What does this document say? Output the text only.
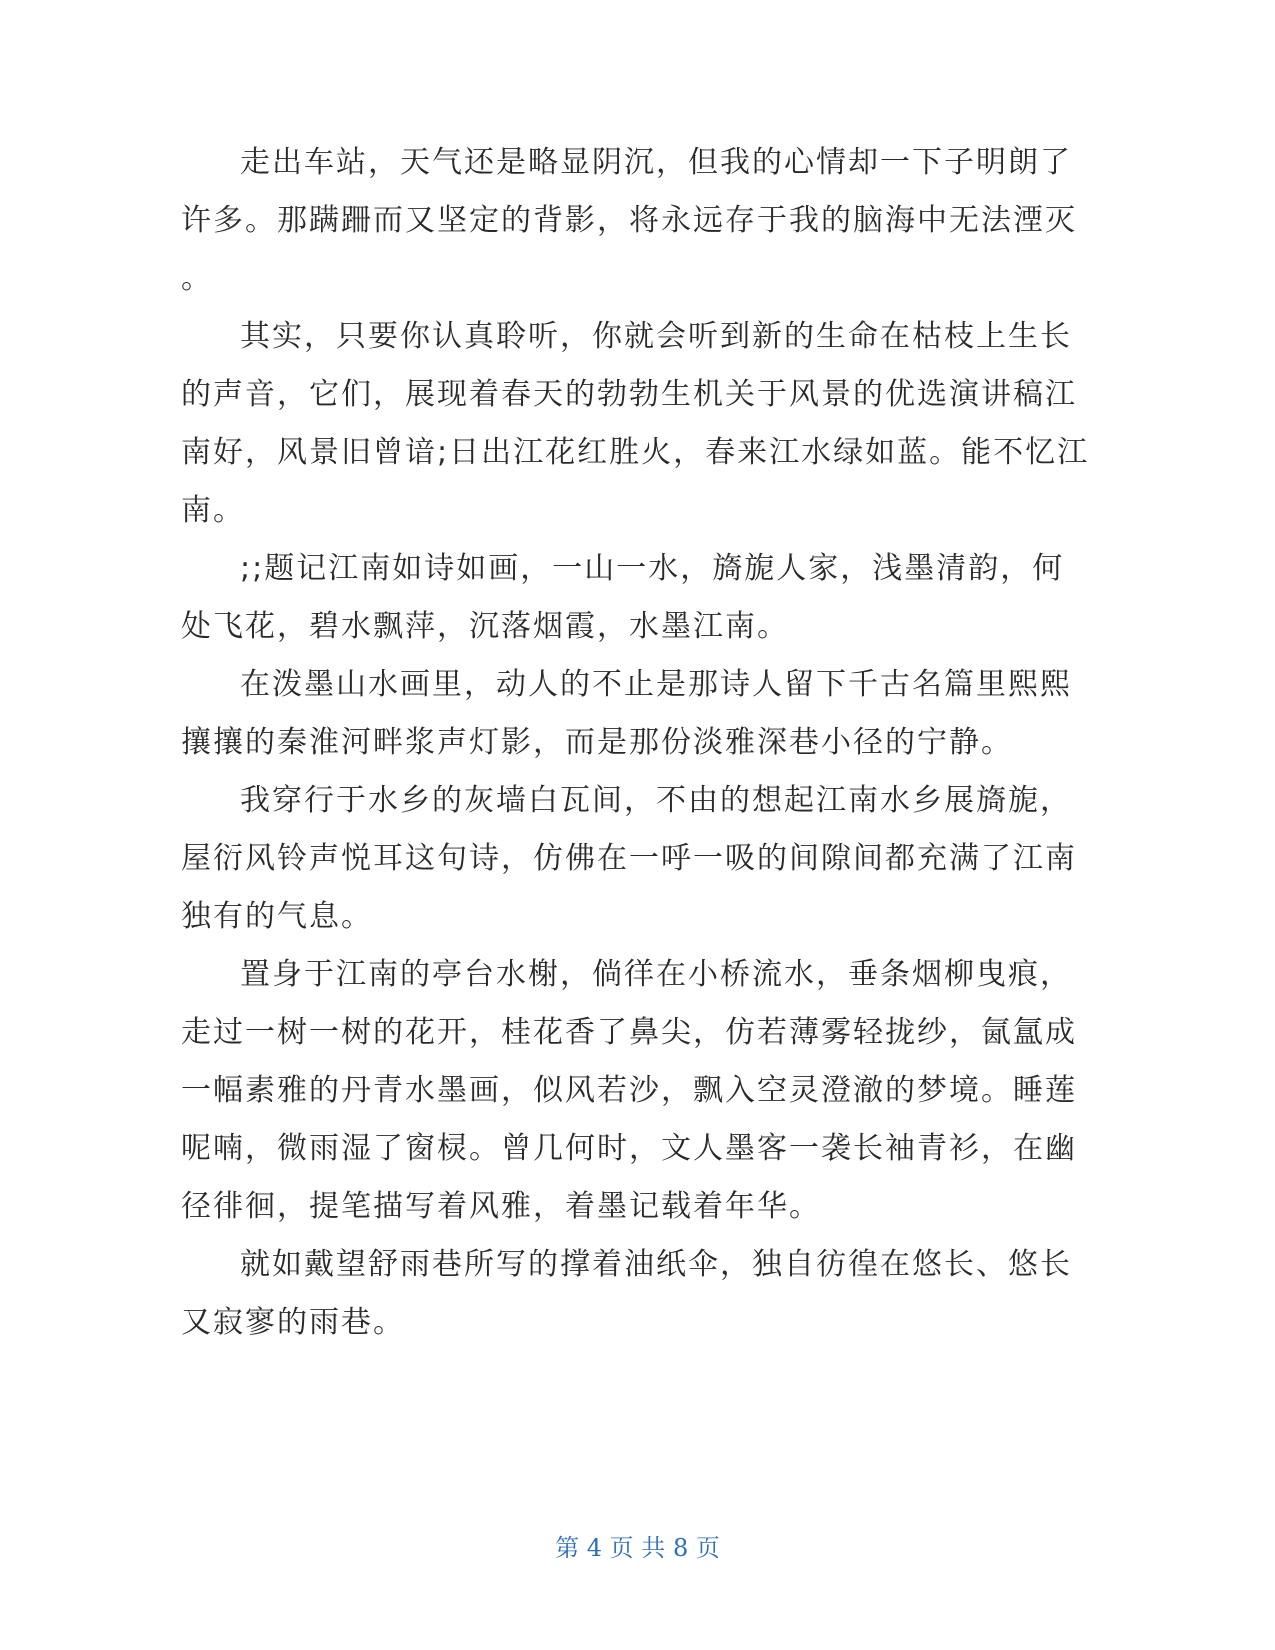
走出车站，天气还是略显阴沉，但我的心情却一下子明朗了
许多。那蹒跚而又坚定的背影，将永远存于我的脑海中无法湮灭
。
其实，只要你认真聆听，你就会听到新的生命在枯枝上生长
的声音，它们，展现着春天的勃勃生机关于风景的优选演讲稿江
南好，风景旧曾谙;日出江花红胜火，春来江水绿如蓝。能不忆江
南。
;;题记江南如诗如画，一山一水，旖旎人家，浅墨清韵，何
处飞花，碧水飘萍，沉落烟霞，水墨江南。
在泼墨山水画里，动人的不止是那诗人留下千古名篇里熙熙
攘攘的秦淮河畔浆声灯影，而是那份淡雅深巷小径的宁静。
我穿行于水乡的灰墙白瓦间，不由的想起江南水乡展旖旎，
屋衍风铃声悦耳这句诗，仿佛在一呼一吸的间隙间都充满了江南
独有的气息。
置身于江南的亭台水榭，倘徉在小桥流水，垂条烟柳曳痕，
走过一树一树的花开，桂花香了鼻尖，仿若薄雾轻拢纱，氤氲成
一幅素雅的丹青水墨画，似风若沙，飘入空灵澄澈的梦境。睡莲
呢喃，微雨湿了窗棂。曾几何时，文人墨客一袭长袖青衫，在幽
径徘徊，提笔描写着风雅，着墨记载着年华。
就如戴望舒雨巷所写的撑着油纸伞，独自彷徨在悠长、悠长
又寂寥的雨巷。
第 4 页 共 8 页
